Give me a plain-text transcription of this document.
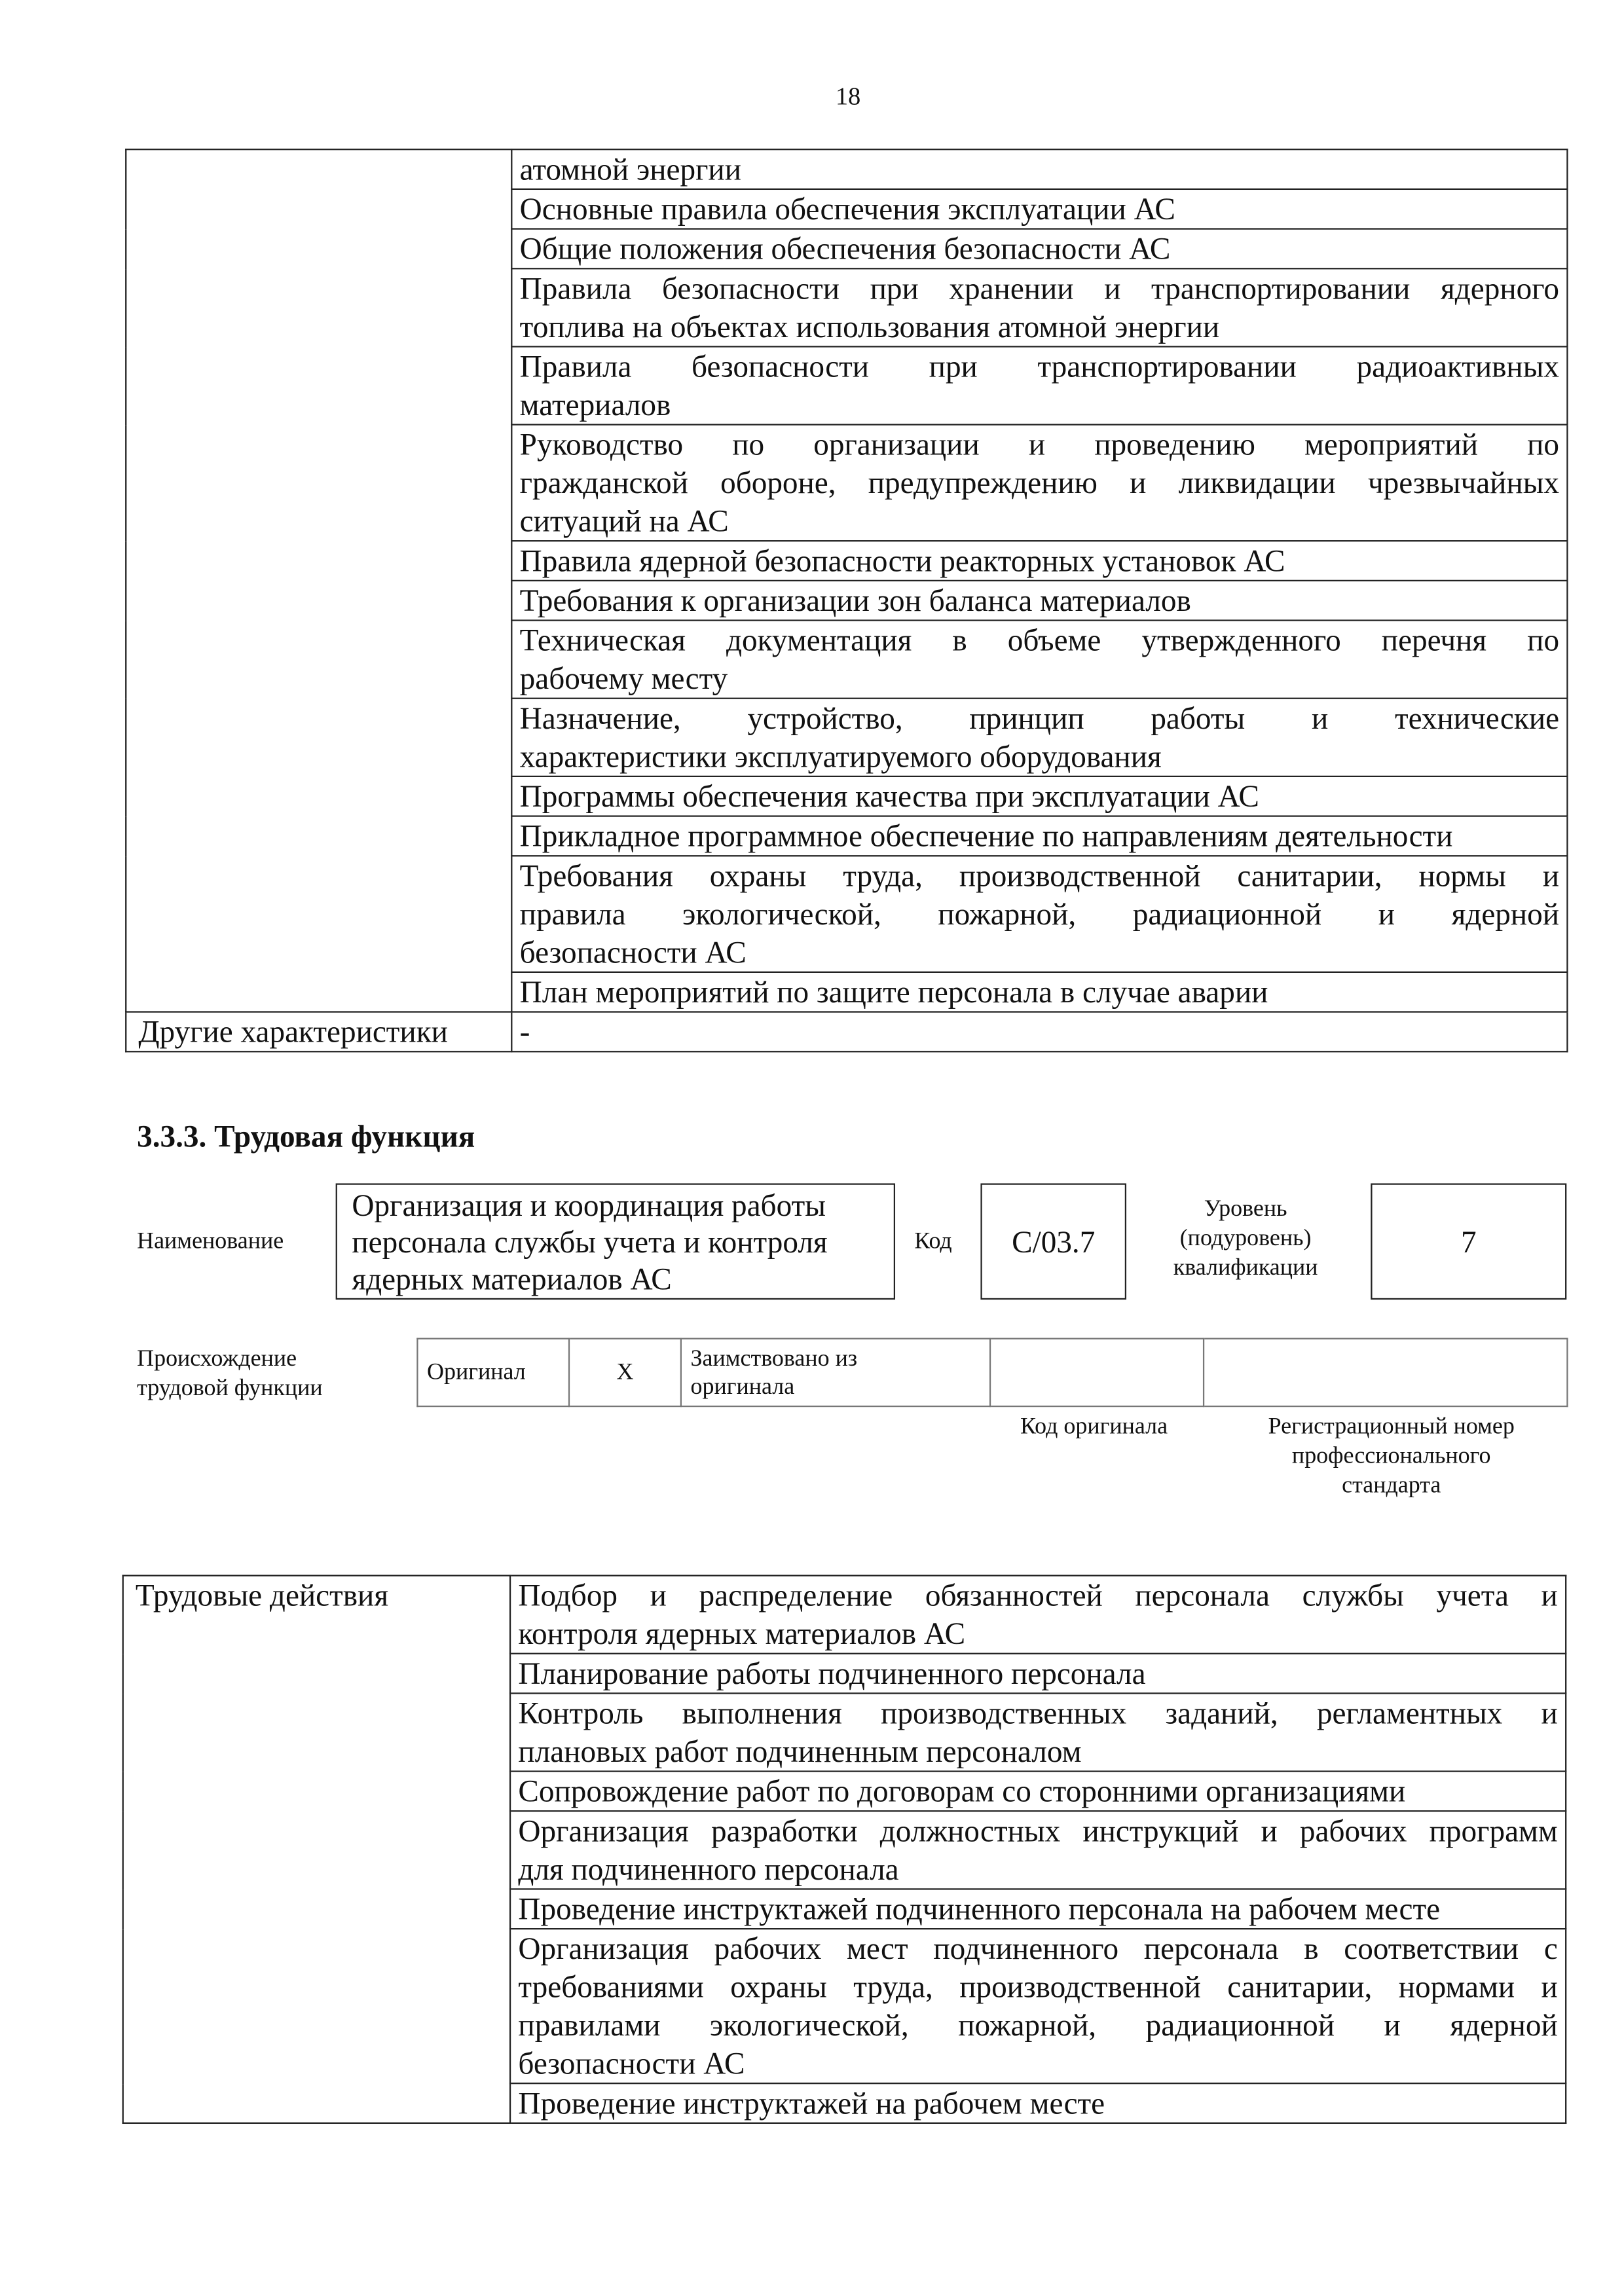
18

	атомной энергии

	Основные правила обеспечения эксплуатации АС

	Общие положения обеспечения безопасности АС

	Правила безопасности при хранении и транспортировании ядерного
топлива на объектах использования атомной энергии

	Правила безопасности при транспортировании радиоактивных
материалов

	Руководство по организации и проведению мероприятий по
гражданской обороне, предупреждению и ликвидации чрезвычайных
ситуаций на АС

	Правила ядерной безопасности реакторных установок АС

	Требования к организации зон баланса материалов

	Техническая документация в объеме утвержденного перечня по
рабочему месту

	Назначение, устройство, принцип работы и технические
характеристики эксплуатируемого оборудования

	Программы обеспечения качества при эксплуатации АС

	Прикладное программное обеспечение по направлениям деятельности

	Требования охраны труда, производственной санитарии, нормы и
правила экологической, пожарной, радиационной и ядерной
безопасности АС

	План мероприятий по защите персонала в случае аварии

Другие характеристики	-
3.3.3. Трудовая функция
Наименование
Организация и координация работы
персонала службы учета и контроля
ядерных материалов АС
Код	С/03.7
Уровень
(подуровень)
квалификации
7
Происхождение
трудовой функции
Оригинал	X	
Заимствовано из
оригинала

Код оригинала	Регистрационный номер
профессионального
стандарта
Трудовые действия	Подбор и распределение обязанностей персонала службы учета и
контроля ядерных материалов АС

Планирование работы подчиненного персонала

Контроль выполнения производственных заданий, регламентных и
плановых работ подчиненным персоналом

Сопровождение работ по договорам со сторонними организациями

Организация разработки должностных инструкций и рабочих программ
для подчиненного персонала

Проведение инструктажей подчиненного персонала на рабочем месте

Организация рабочих мест подчиненного персонала в соответствии с
требованиями охраны труда, производственной санитарии, нормами и
правилами экологической, пожарной, радиационной и ядерной
безопасности АС

Проведение инструктажей на рабочем месте
